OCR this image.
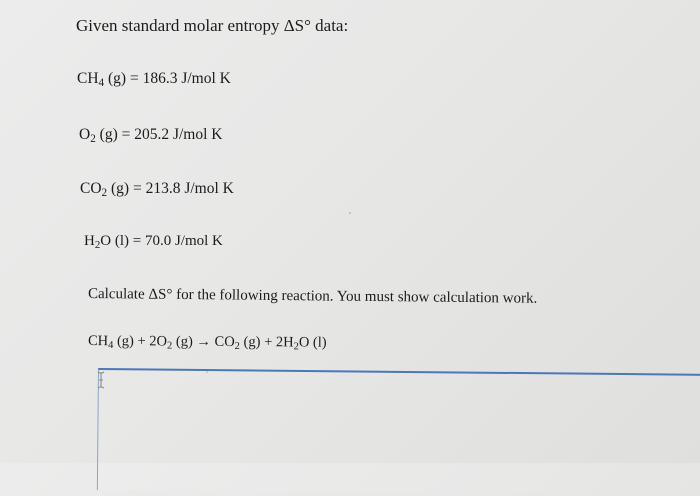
Given standard molar entropy ΔS° data:
$CH_4$ (g) = 186.3 J/mol K
$O_2$ (g) = 205.2 J/mol K
$CO_2$ (g) = 213.8 J/mol K
$H_2O$ (l) = 70.0 J/mol K
Calculate ΔS° for the following reaction. You must show calculation work.
$CH_4$ $(g) + 2O_2$ $(g) \to CO_2$ $(g) + 2H_2O$ (l)
